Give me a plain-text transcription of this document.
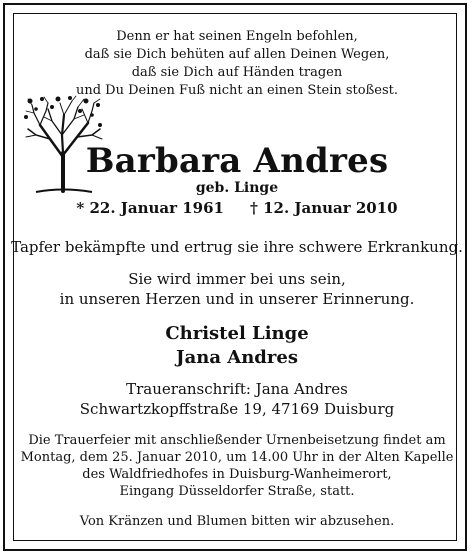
Denn er hat seinen Engeln befohlen,
daß sie Dich behüten auf allen Deinen Wegen,
daß sie Dich auf Händen tragen
und Du Deinen Fuß nicht an einen Stein stoßest.
Barbara Andres
geb. Linge
* 22. Januar 1961 † 12. Januar 2010
Tapfer bekämpfte und ertrug sie ihre schwere Erkrankung.
Sie wird immer bei uns sein,
in unseren Herzen und in unserer Erinnerung.
Christel Linge
Jana Andres
Traueranschrift: Jana Andres
Schwartzkopffstraße 19, 47169 Duisburg
Die Trauerfeier mit anschließender Urnenbeisetzung findet am
Montag, dem 25. Januar 2010, um 14.00 Uhr in der Alten Kapelle
des Waldfriedhofes in Duisburg-Wanheimerort,
Eingang Düsseldorfer Straße, statt.
Von Kränzen und Blumen bitten wir abzusehen.
